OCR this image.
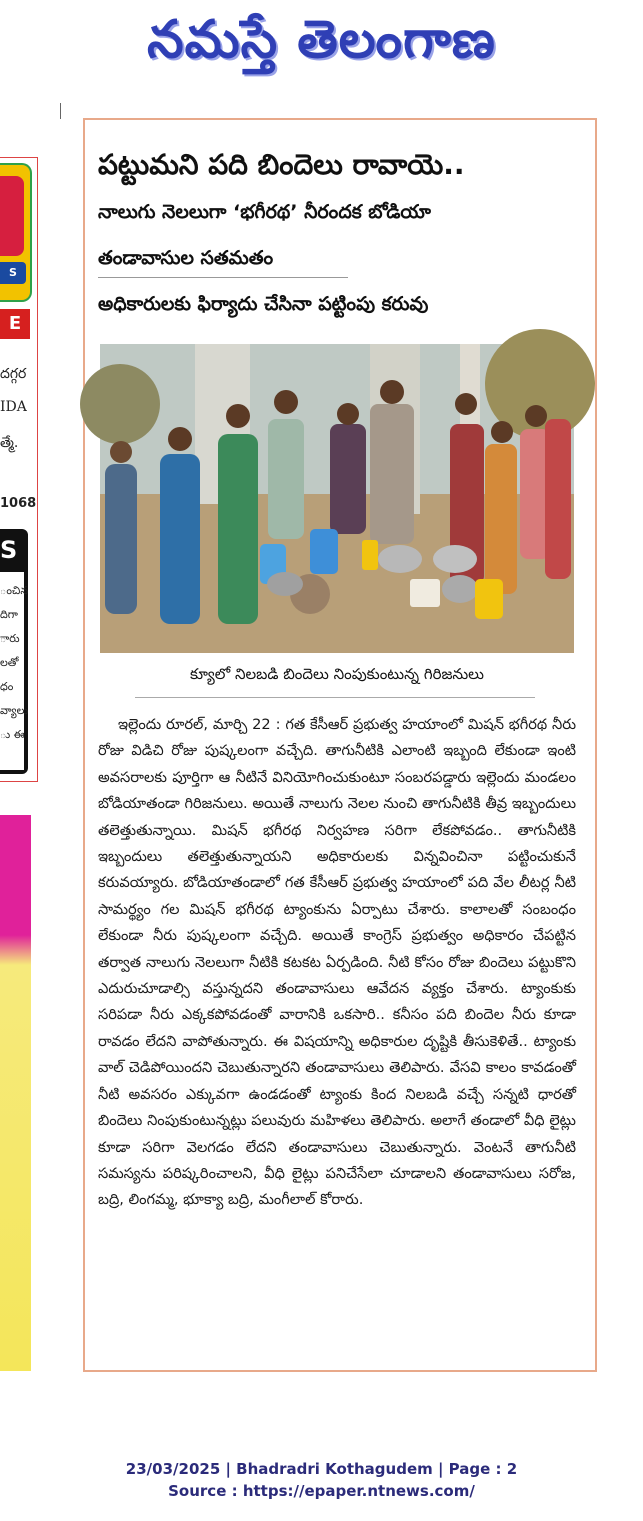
నమస్తే తెలంగాణ
S
E
దగ్గర
IDA
త్మే.
1068
S
ంచిన
దిగా
ారు
లతో
ధం
వ్యాలు
ు ఈ
పట్టుమని పది బిందెలు రావాయె..
నాలుగు నెలలుగా ‘భగీరథ’ నీరందక బోడియా
తండావాసుల సతమతం
అధికారులకు ఫిర్యాదు చేసినా పట్టింపు కరువు
క్యూలో నిలబడి బిందెలు నింపుకుంటున్న గిరిజనులు
ఇల్లెందు రూరల్, మార్చి 22 : గత కేసీఆర్ ప్రభుత్వ హయాంలో మిషన్ భగీరథ నీరు రోజు విడిచి రోజు పుష్కలంగా వచ్చేది. తాగునీటికి ఎలాంటి ఇబ్బంది లేకుండా ఇంటి అవసరాలకు పూర్తిగా ఆ నీటినే వినియోగించుకుంటూ సంబరపడ్డారు ఇల్లెందు మండలం బోడియాతండా గిరిజనులు. అయితే నాలుగు నెలల నుంచి తాగునీటికి తీవ్ర ఇబ్బందులు తలెత్తుతున్నాయి. మిషన్ భగీరథ నిర్వహణ సరిగా లేకపోవడం.. తాగునీటికి ఇబ్బందులు తలెత్తుతున్నాయని అధికారులకు విన్నవించినా పట్టించుకునే కరువయ్యారు. బోడియాతండాలో గత కేసీఆర్ ప్రభుత్వ హయాంలో పది వేల లీటర్ల నీటి సామర్థ్యం గల మిషన్ భగీరథ ట్యాంకును ఏర్పాటు చేశారు. కాలాలతో సంబంధం లేకుండా నీరు పుష్కలంగా వచ్చేది. అయితే కాంగ్రెస్ ప్రభుత్వం అధికారం చేపట్టిన తర్వాత నాలుగు నెలలుగా నీటికి కటకట ఏర్పడింది. నీటి కోసం రోజు బిందెలు పట్టుకొని ఎదురుచూడాల్సి వస్తున్నదని తండావాసులు ఆవేదన వ్యక్తం చేశారు. ట్యాంకుకు సరిపడా నీరు ఎక్కకపోవడంతో వారానికి ఒకసారి.. కనీసం పది బిందెల నీరు కూడా రావడం లేదని వాపోతున్నారు. ఈ విషయాన్ని అధికారుల దృష్టికి తీసుకెళితే.. ట్యాంకు వాల్ చెడిపోయిందని చెబుతున్నారని తండావాసులు తెలిపారు. వేసవి కాలం కావడంతో నీటి అవసరం ఎక్కువగా ఉండడంతో ట్యాంకు కింద నిలబడి వచ్చే సన్నటి ధారతో బిందెలు నింపుకుంటున్నట్లు పలువురు మహిళలు తెలిపారు. అలాగే తండాలో వీధి లైట్లు కూడా సరిగా వెలగడం లేదని తండావాసులు చెబుతున్నారు. వెంటనే తాగునీటి సమస్యను పరిష్కరించాలని, వీధి లైట్లు పనిచేసేలా చూడాలని తండావాసులు సరోజ, బద్రి, లింగమ్మ, భూక్యా బద్రి, మంగీలాల్ కోరారు.
23/03/2025 | Bhadradri Kothagudem | Page : 2
Source : https://epaper.ntnews.com/
